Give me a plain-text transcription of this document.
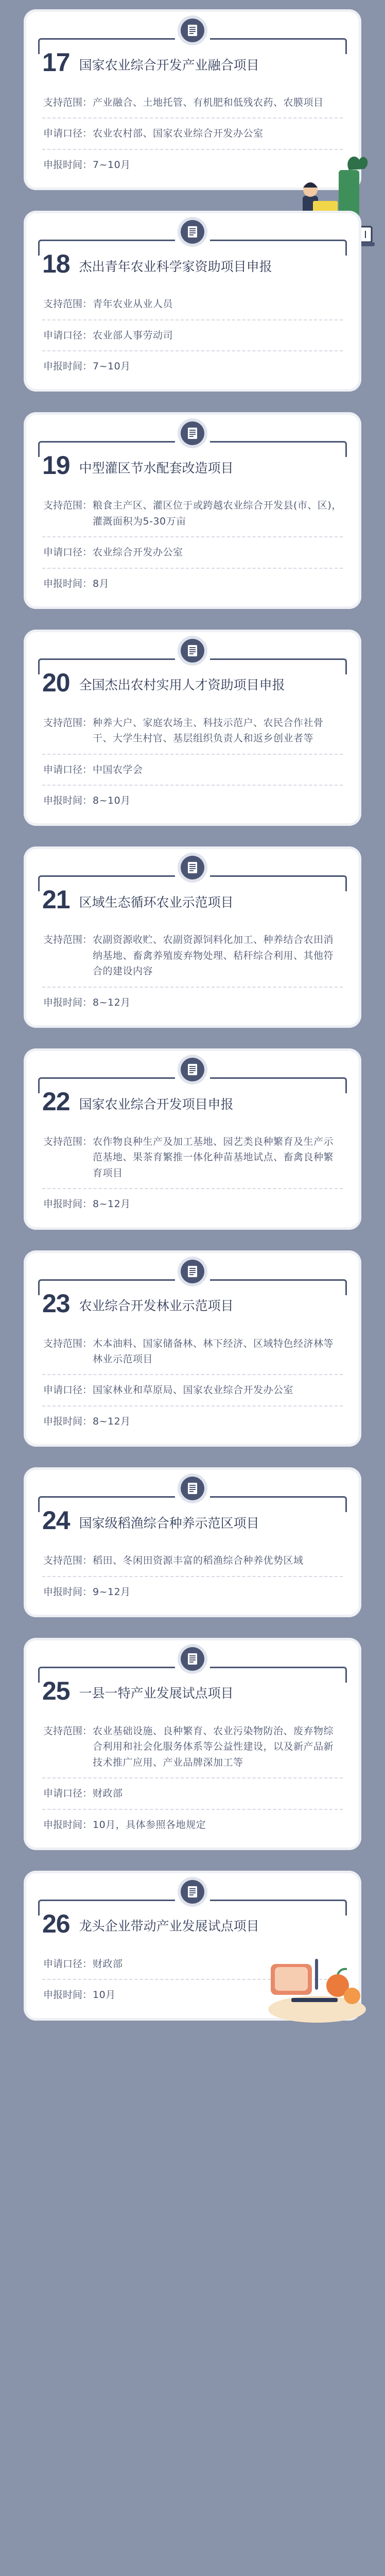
17 国家农业综合开发产业融合项目
支持范围： 产业融合、土地托管、有机肥和低残农药、农膜项目
申请口径： 农业农村部、国家农业综合开发办公室
申报时间： 7~10月
18 杰出青年农业科学家资助项目申报
支持范围： 青年农业从业人员
申请口径： 农业部人事劳动司
申报时间： 7~10月
19 中型灌区节水配套改造项目
支持范围： 粮食主产区、灌区位于或跨越农业综合开发县(市、区)，灌溉面积为5-30万亩
申请口径： 农业综合开发办公室
申报时间： 8月
20 全国杰出农村实用人才资助项目申报
支持范围： 种养大户、家庭农场主、科技示范户、农民合作社骨干、大学生村官、基层组织负责人和返乡创业者等
申请口径： 中国农学会
申报时间： 8~10月
21 区域生态循环农业示范项目
支持范围： 农副资源收贮、农副资源饲料化加工、种养结合农田消纳基地、畜禽养殖废弃物处理、秸秆综合利用、其他符合的建设内容
申报时间： 8~12月
22 国家农业综合开发项目申报
支持范围： 农作物良种生产及加工基地、园艺类良种繁育及生产示范基地、果茶育繁推一体化种苗基地试点、畜禽良种繁育项目
申报时间： 8~12月
23 农业综合开发林业示范项目
支持范围： 木本油料、国家储备林、林下经济、区域特色经济林等林业示范项目
申请口径： 国家林业和草原局、国家农业综合开发办公室
申报时间： 8~12月
24 国家级稻渔综合种养示范区项目
支持范围： 稻田、冬闲田资源丰富的稻渔综合种养优势区域
申报时间： 9~12月
25 一县一特产业发展试点项目
支持范围： 农业基础设施、良种繁育、农业污染物防治、废弃物综合利用和社会化服务体系等公益性建设，以及新产品新技术推广应用、产业品牌深加工等
申请口径： 财政部
申报时间： 10月，具体参照各地规定
26 龙头企业带动产业发展试点项目
申请口径： 财政部
申报时间： 10月
